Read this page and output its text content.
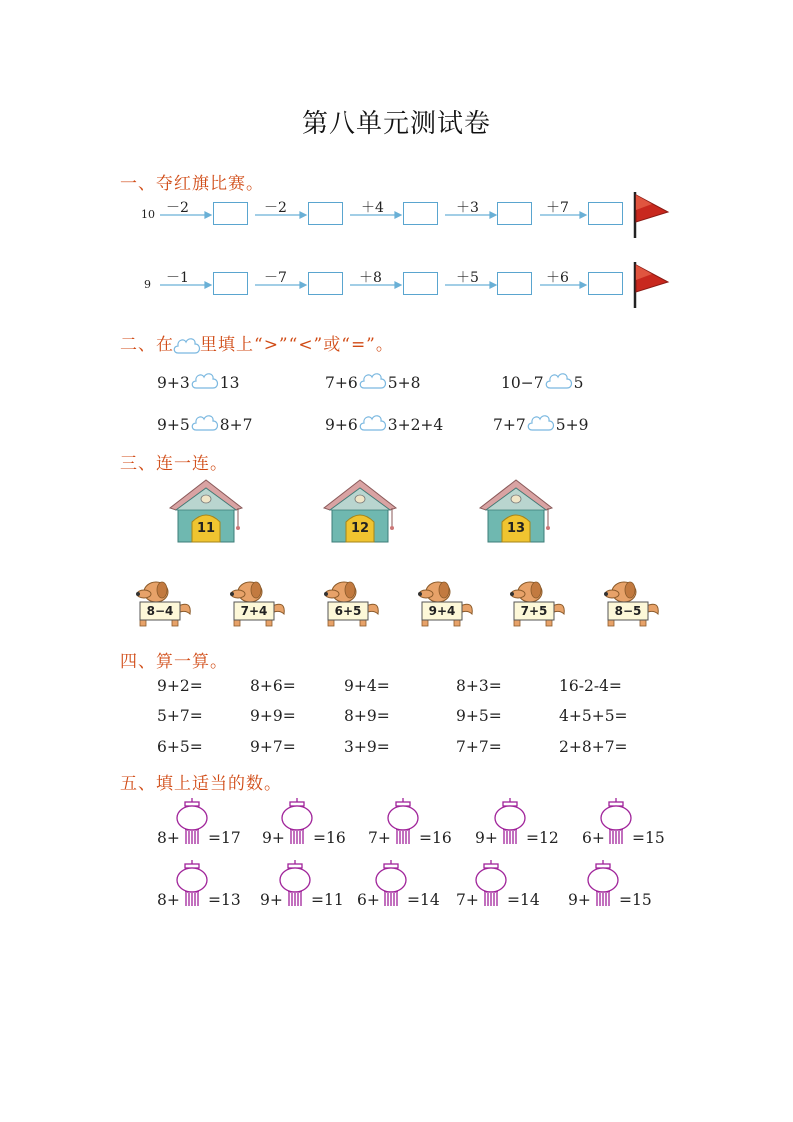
第八单元测试卷
一、夺红旗比赛。
10 －2	－2	＋4	＋3	＋7
9 －1	－7	＋8	＋5	＋6
二、在 里填上“>”“<”或“=”。
9+3 13	7+6 5+8	10−7 5
9+5 8+7	9+6 3+2+4	7+7 5+9
三、连一连。
11	12	13
8−4	7+4	6+5	9+4	7+5	8−5
四、算一算。
9+2=	8+6=	9+4=	8+3=	16-2-4=
5+7=	9+9=	8+9=	9+5=	4+5+5=
6+5=	9+7=	3+9=	7+7=	2+8+7=
五、填上适当的数。
8+ =17 9+ =16 7+ =16 9+ =12 6+ =15
8+ =13 9+ =11 6+ =14 7+ =14 9+ =15
